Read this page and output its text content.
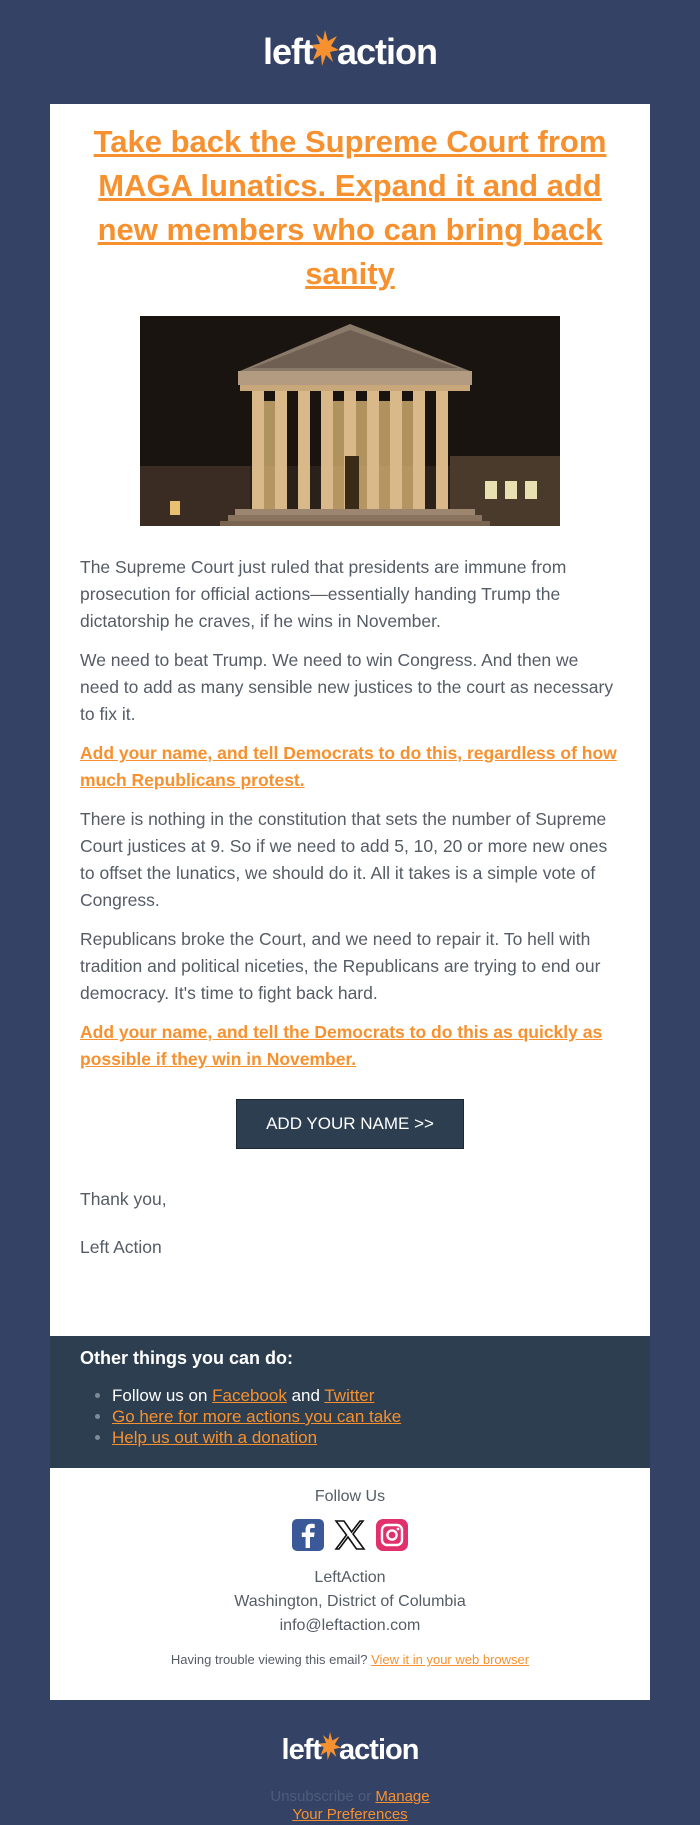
left action
Take back the Supreme Court from MAGA lunatics. Expand it and add new members who can bring back sanity

The Supreme Court just ruled that presidents are immune from prosecution for official actions—essentially handing Trump the dictatorship he craves, if he wins in November.

We need to beat Trump. We need to win Congress. And then we need to add as many sensible new justices to the court as necessary to fix it.

Add your name, and tell Democrats to do this, regardless of how much Republicans protest.

There is nothing in the constitution that sets the number of Supreme Court justices at 9. So if we need to add 5, 10, 20 or more new ones to offset the lunatics, we should do it. All it takes is a simple vote of Congress.

Republicans broke the Court, and we need to repair it. To hell with tradition and political niceties, the Republicans are trying to end our democracy. It's time to fight back hard.

Add your name, and tell the Democrats to do this as quickly as possible if they win in November.

ADD YOUR NAME >>

Thank you,

Left Action

Other things you can do:
• Follow us on Facebook and Twitter
• Go here for more actions you can take
• Help us out with a donation
Follow Us
LeftAction
Washington, District of Columbia
info@leftaction.com
Having trouble viewing this email? View it in your web browser
left action
Unsubscribe or Manage
Your Preferences
